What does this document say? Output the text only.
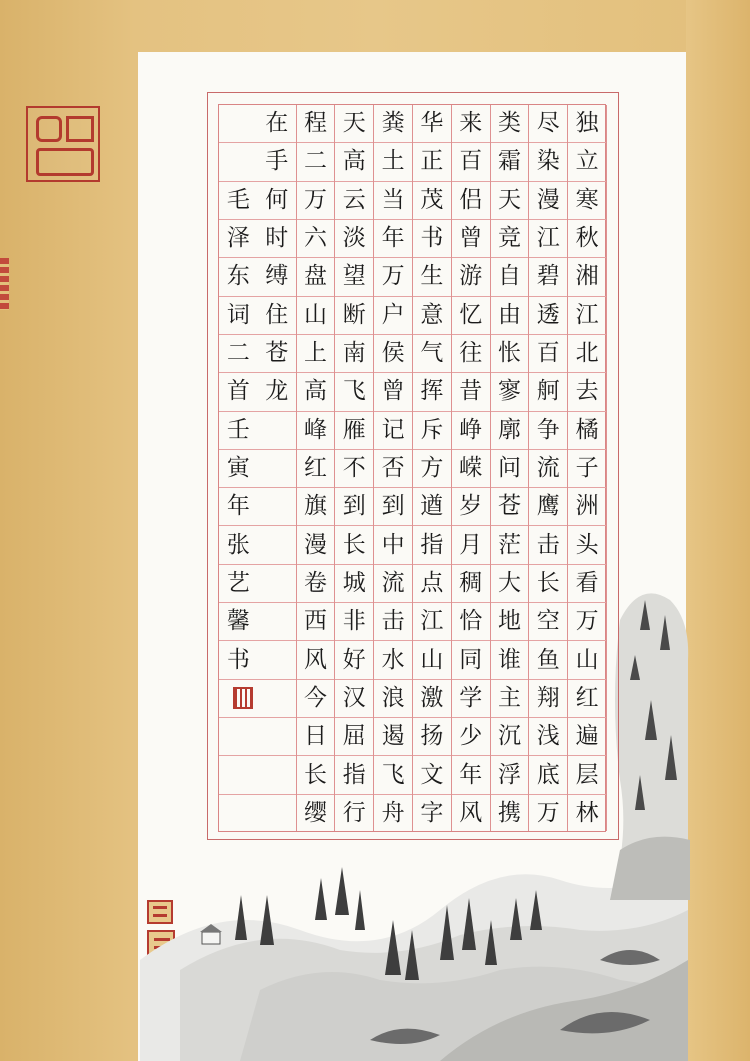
独
立
寒
秋
湘
江
北
去
橘
子
洲
头
看
万
山
红
遍
层
林
尽
染
漫
江
碧
透
百
舸
争
流
鹰
击
长
空
鱼
翔
浅
底
万
类
霜
天
竞
自
由
怅
寥
廓
问
苍
茫
大
地
谁
主
沉
浮
携
来
百
侣
曾
游
忆
往
昔
峥
嵘
岁
月
稠
恰
同
学
少
年
风
华
正
茂
书
生
意
气
挥
斥
方
遒
指
点
江
山
激
扬
文
字
粪
土
当
年
万
户
侯
曾
记
否
到
中
流
击
水
浪
遏
飞
舟
天
高
云
淡
望
断
南
飞
雁
不
到
长
城
非
好
汉
屈
指
行
程
二
万
六
盘
山
上
高
峰
红
旗
漫
卷
西
风
今
日
长
缨
在
手
何
时
缚
住
苍
龙
毛
泽
东
词
二
首
壬
寅
年
张
艺
馨
书
